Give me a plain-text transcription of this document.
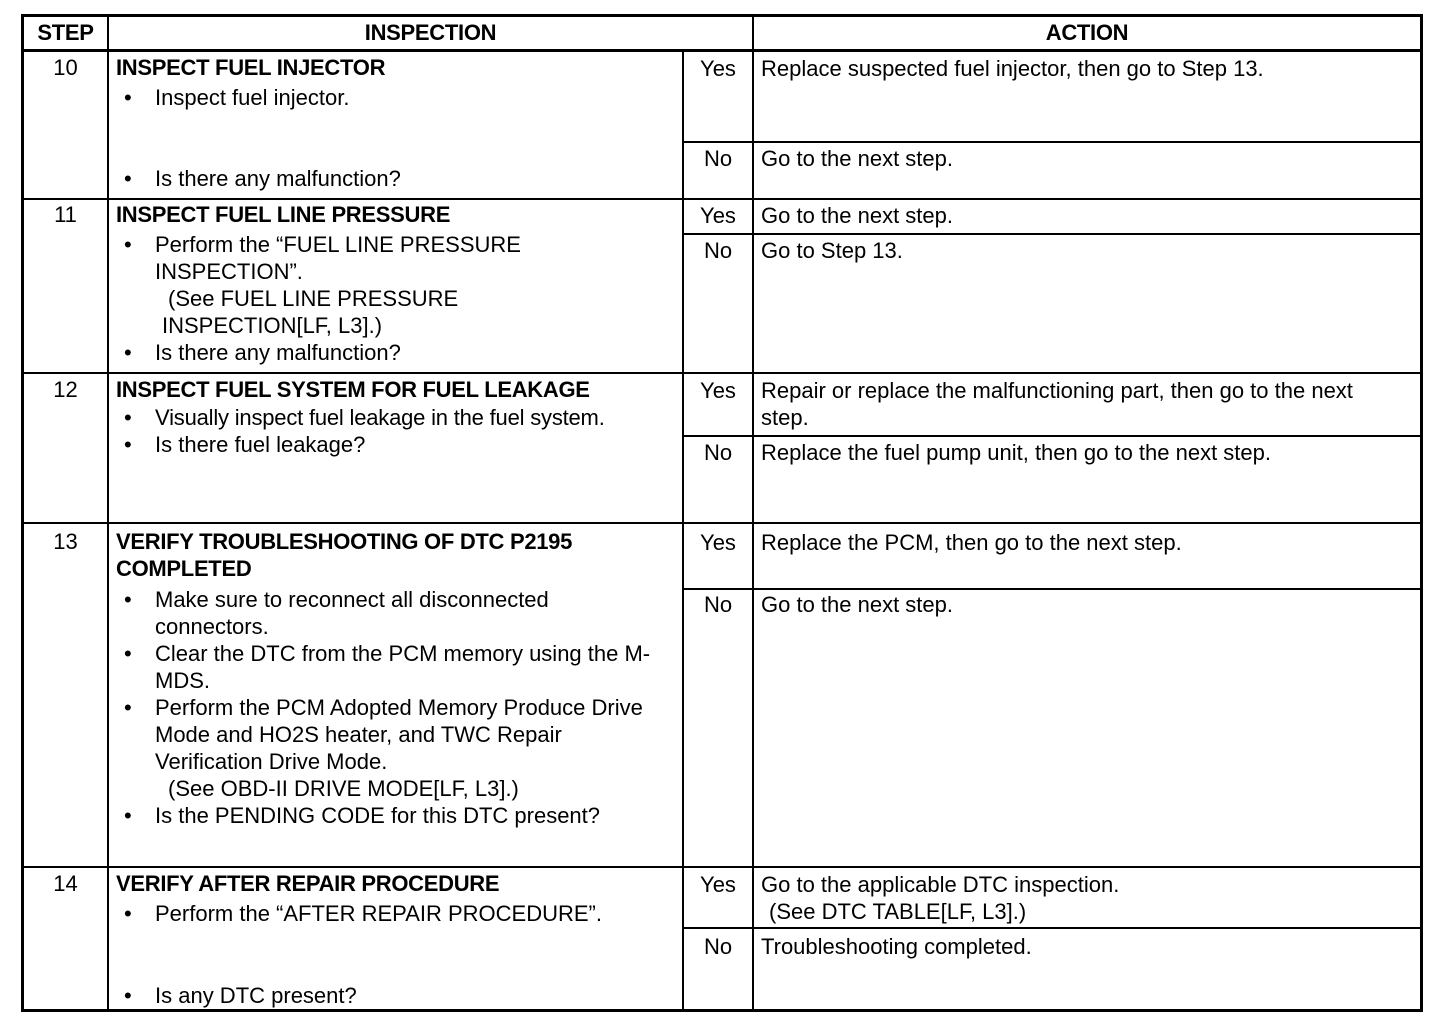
STEP	INSPECTION	ACTION
10	INSPECT FUEL INJECTOR
• Inspect fuel injector.
• Is there any malfunction?
Yes	Replace suspected fuel injector, then go to Step 13.
No	Go to the next step.
11	INSPECT FUEL LINE PRESSURE
• Perform the “FUEL LINE PRESSURE INSPECTION”.
(See FUEL LINE PRESSURE INSPECTION[LF, L3].)
• Is there any malfunction?
Yes	Go to the next step.
No	Go to Step 13.
12	INSPECT FUEL SYSTEM FOR FUEL LEAKAGE
• Visually inspect fuel leakage in the fuel system.
• Is there fuel leakage?
Yes	Repair or replace the malfunctioning part, then go to the next step.
No	Replace the fuel pump unit, then go to the next step.
13	VERIFY TROUBLESHOOTING OF DTC P2195 COMPLETED
• Make sure to reconnect all disconnected connectors.
• Clear the DTC from the PCM memory using the M-MDS.
• Perform the PCM Adopted Memory Produce Drive Mode and HO2S heater, and TWC Repair Verification Drive Mode.
(See OBD-II DRIVE MODE[LF, L3].)
• Is the PENDING CODE for this DTC present?
Yes	Replace the PCM, then go to the next step.
No	Go to the next step.
14	VERIFY AFTER REPAIR PROCEDURE
• Perform the “AFTER REPAIR PROCEDURE”.
• Is any DTC present?
Yes	Go to the applicable DTC inspection.
(See DTC TABLE[LF, L3].)
No	Troubleshooting completed.
